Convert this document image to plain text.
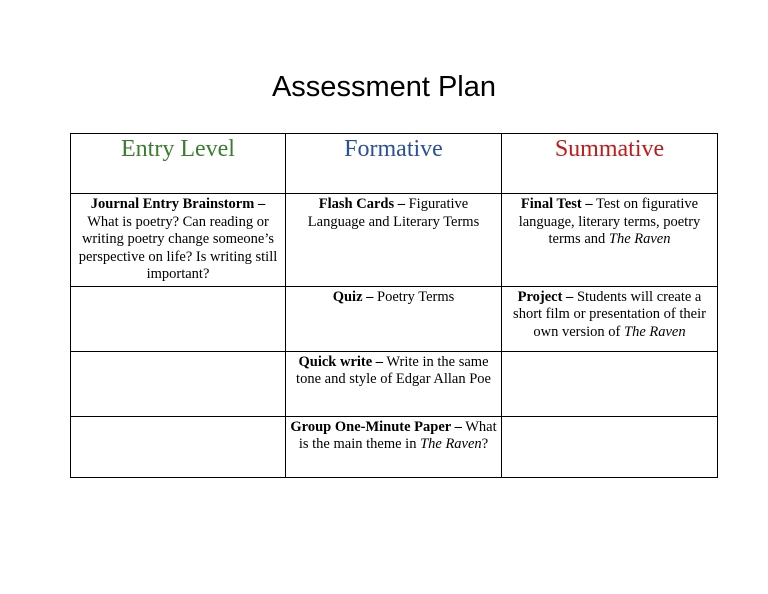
Assessment Plan
Entry Level	Formative	Summative
Journal Entry Brainstorm – What is poetry? Can reading or writing poetry change someone’s perspective on life? Is writing still important?	Flash Cards – Figurative Language and Literary Terms	Final Test – Test on figurative language, literary terms, poetry terms and The Raven
	Quiz – Poetry Terms	Project – Students will create a short film or presentation of their own version of The Raven
	Quick write – Write in the same tone and style of Edgar Allan Poe	
	Group One-Minute Paper – What is the main theme in The Raven?	
